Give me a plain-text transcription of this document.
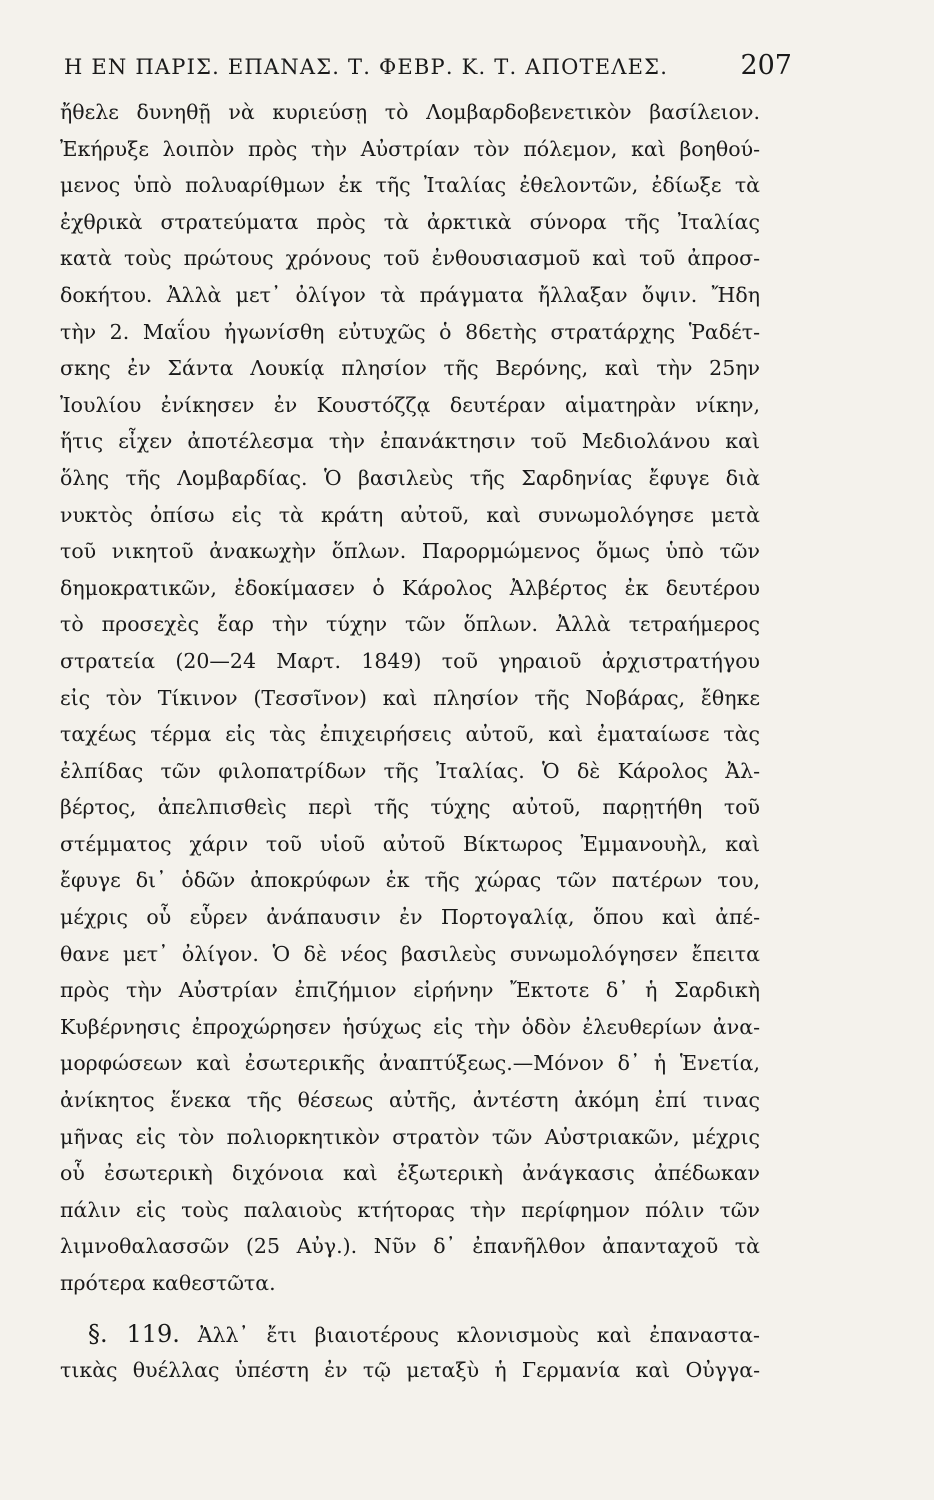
Η ΕΝ ΠΑΡΙΣ. ΕΠΑΝΑΣ. Τ. ΦΕΒΡ. Κ. Τ. ΑΠΟΤΕΛΕΣ.	207
ἤθελε δυνηθῇ νὰ κυριεύσῃ τὸ Λομβαρδοβενετικὸν βασίλειον.
Ἐκήρυξε λοιπὸν πρὸς τὴν Αὐστρίαν τὸν πόλεμον, καὶ βοηθού-
μενος ὑπὸ πολυαρίθμων ἐκ τῆς Ἰταλίας ἐθελοντῶν, ἐδίωξε τὰ
ἐχθρικὰ στρατεύματα πρὸς τὰ ἀρκτικὰ σύνορα τῆς Ἰταλίας
κατὰ τοὺς πρώτους χρόνους τοῦ ἐνθουσιασμοῦ καὶ τοῦ ἀπροσ-
δοκήτου. Ἀλλὰ μετ᾽ ὀλίγον τὰ πράγματα ἤλλαξαν ὄψιν. Ἤδη
τὴν 2. Μαΐου ἠγωνίσθη εὐτυχῶς ὁ 86ετὴς στρατάρχης Ῥαδέτ-
σκης ἐν Σάντα Λουκίᾳ πλησίον τῆς Βερόνης, καὶ τὴν 25ην
Ἰουλίου ἐνίκησεν ἐν Κουστόζζᾳ δευτέραν αἱματηρὰν νίκην,
ἥτις εἶχεν ἀποτέλεσμα τὴν ἐπανάκτησιν τοῦ Μεδιολάνου καὶ
ὅλης τῆς Λομβαρδίας. Ὁ βασιλεὺς τῆς Σαρδηνίας ἔφυγε διὰ
νυκτὸς ὀπίσω εἰς τὰ κράτη αὐτοῦ, καὶ συνωμολόγησε μετὰ
τοῦ νικητοῦ ἀνακωχὴν ὅπλων. Παρορμώμενος ὅμως ὑπὸ τῶν
δημοκρατικῶν, ἐδοκίμασεν ὁ Κάρολος Ἀλβέρτος ἐκ δευτέρου
τὸ προσεχὲς ἔαρ τὴν τύχην τῶν ὅπλων. Ἀλλὰ τετραήμερος
στρατεία (20—24 Μαρτ. 1849) τοῦ γηραιοῦ ἀρχιστρατήγου
εἰς τὸν Τίκινον (Τεσσῖνον) καὶ πλησίον τῆς Νοβάρας, ἔθηκε
ταχέως τέρμα εἰς τὰς ἐπιχειρήσεις αὐτοῦ, καὶ ἐματαίωσε τὰς
ἐλπίδας τῶν φιλοπατρίδων τῆς Ἰταλίας. Ὁ δὲ Κάρολος Ἀλ-
βέρτος, ἀπελπισθεὶς περὶ τῆς τύχης αὐτοῦ, παρῃτήθη τοῦ
στέμματος χάριν τοῦ υἱοῦ αὐτοῦ Βίκτωρος Ἐμμανουὴλ, καὶ
ἔφυγε δι᾽ ὁδῶν ἀποκρύφων ἐκ τῆς χώρας τῶν πατέρων του,
μέχρις οὗ εὗρεν ἀνάπαυσιν ἐν Πορτογαλίᾳ, ὅπου καὶ ἀπέ-
θανε μετ᾽ ὀλίγον. Ὁ δὲ νέος βασιλεὺς συνωμολόγησεν ἔπειτα
πρὸς τὴν Αὐστρίαν ἐπιζήμιον εἰρήνην Ἔκτοτε δ᾽ ἡ Σαρδικὴ
Κυβέρνησις ἐπροχώρησεν ἡσύχως εἰς τὴν ὁδὸν ἐλευθερίων ἀνα-
μορφώσεων καὶ ἐσωτερικῆς ἀναπτύξεως.—Μόνον δ᾽ ἡ Ἑνετία,
ἀνίκητος ἕνεκα τῆς θέσεως αὐτῆς, ἀντέστη ἀκόμη ἐπί τινας
μῆνας εἰς τὸν πολιορκητικὸν στρατὸν τῶν Αὐστριακῶν, μέχρις
οὗ ἐσωτερικὴ διχόνοια καὶ ἐξωτερικὴ ἀνάγκασις ἀπέδωκαν
πάλιν εἰς τοὺς παλαιοὺς κτήτορας τὴν περίφημον πόλιν τῶν
λιμνοθαλασσῶν (25 Αὐγ.). Νῦν δ᾽ ἐπανῆλθον ἀπανταχοῦ τὰ
πρότερα καθεστῶτα.
§. 119. Ἀλλ᾽ ἔτι βιαιοτέρους κλονισμοὺς καὶ ἐπαναστα-
τικὰς θυέλλας ὑπέστη ἐν τῷ μεταξὺ ἡ Γερμανία καὶ Οὐγγα-
